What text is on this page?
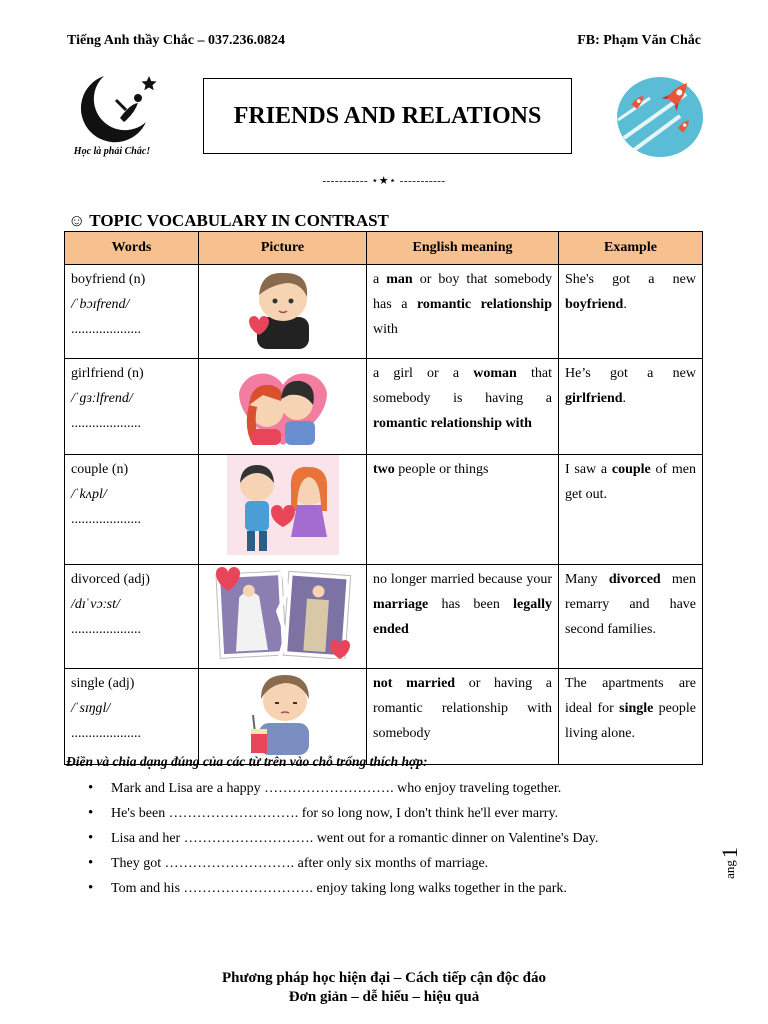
Tiếng Anh thầy Chắc – 037.236.0824	FB: Phạm Văn Chắc
Học là phải Chắc!
FRIENDS AND RELATIONS
----------- ⋆★⋆ -----------
☺ TOPIC VOCABULARY IN CONTRAST
Words	Picture	English meaning	Example

boyfriend (n)
/ˈbɔɪfrend/
....................		a man or boy that somebody has a romantic relationship with	She's got a new boyfriend.

girlfriend (n)
/ˈɡɜːlfrend/
....................		a girl or a woman that somebody is having a romantic relationship with	He’s got a new girlfriend.

couple (n)
/ˈkʌpl/
....................		two people or things	I saw a couple of men get out.

divorced (adj)
/dɪˈvɔːst/
....................		no longer married because your marriage has been legally ended	Many divorced men remarry and have second families.

single (adj)
/ˈsɪŋɡl/
....................		not married or having a romantic relationship with somebody	The apartments are ideal for single people living alone.
Điền và chia dạng đúng của các từ trên vào chỗ trống thích hợp:
• Mark and Lisa are a happy ………………………. who enjoy traveling together.
• He's been ………………………. for so long now, I don't think he'll ever marry.
• Lisa and her ………………………. went out for a romantic dinner on Valentine's Day.
• They got ………………………. after only six months of marriage.
• Tom and his ………………………. enjoy taking long walks together in the park.
ang
1
Phương pháp học hiện đại – Cách tiếp cận độc đáo
Đơn giản – dễ hiểu – hiệu quả
